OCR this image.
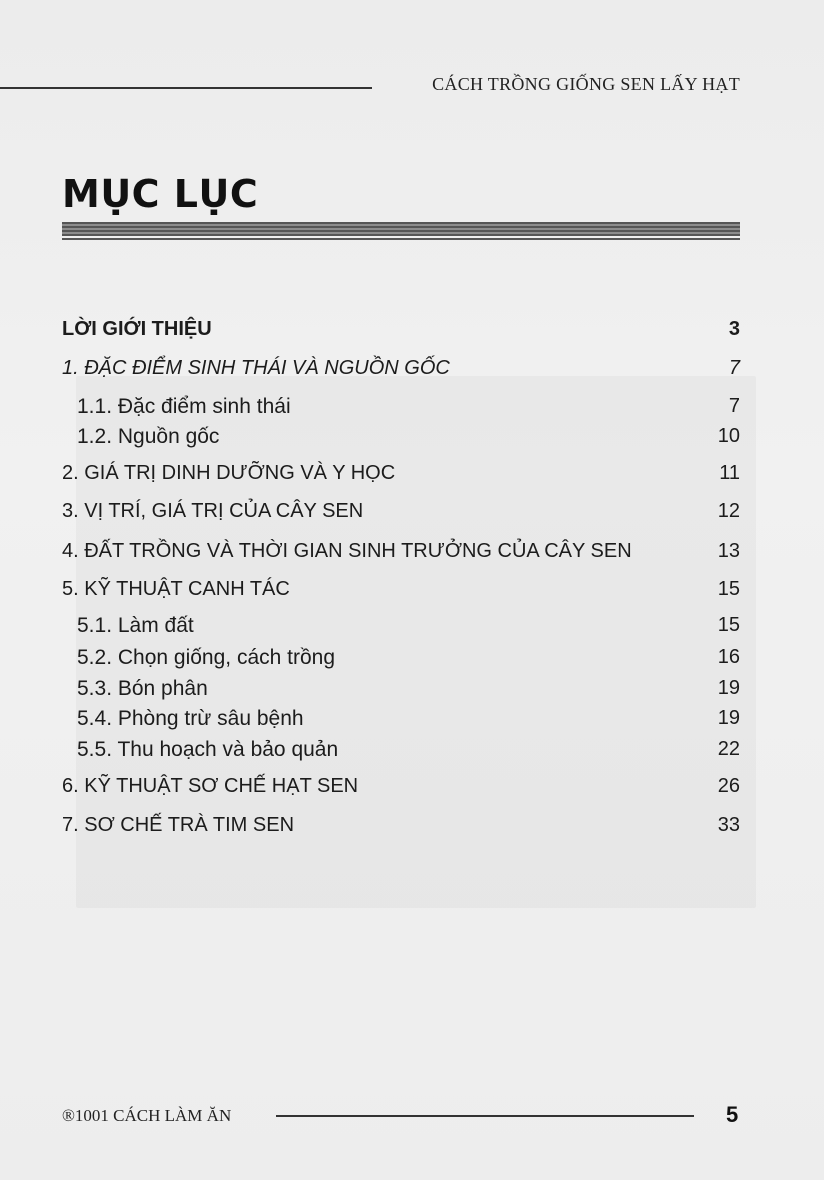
CÁCH TRỒNG GIỐNG SEN LẤY HẠT
MỤC LỤC
LỜI GIỚI THIỆU	3
1. ĐẶC ĐIỂM SINH THÁI VÀ NGUỒN GỐC	7
1.1. Đặc điểm sinh thái	7
1.2. Nguồn gốc	10
2. GIÁ TRỊ DINH DƯỠNG VÀ Y HỌC	11
3. VỊ TRÍ, GIÁ TRỊ CỦA CÂY SEN	12
4. ĐẤT TRỒNG VÀ THỜI GIAN SINH TRƯỞNG CỦA CÂY SEN	13
5. KỸ THUẬT CANH TÁC	15
5.1. Làm đất	15
5.2. Chọn giống, cách trồng	16
5.3. Bón phân	19
5.4. Phòng trừ sâu bệnh	19
5.5. Thu hoạch và bảo quản	22
6. KỸ THUẬT SƠ CHẾ HẠT SEN	26
7. SƠ CHẾ TRÀ TIM SEN	33
®1001 CÁCH LÀM ĂN	5
